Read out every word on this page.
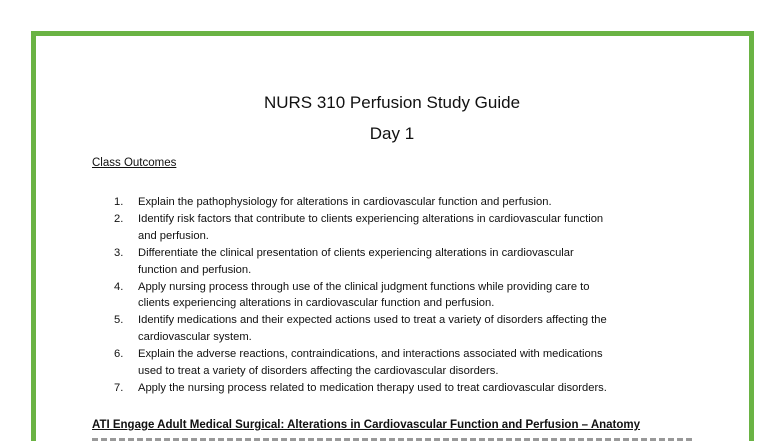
NURS 310 Perfusion Study Guide
Day 1
Class Outcomes
1. Explain the pathophysiology for alterations in cardiovascular function and perfusion.
2. Identify risk factors that contribute to clients experiencing alterations in cardiovascular function
and perfusion.
3. Differentiate the clinical presentation of clients experiencing alterations in cardiovascular
function and perfusion.
4. Apply nursing process through use of the clinical judgment functions while providing care to
clients experiencing alterations in cardiovascular function and perfusion.
5. Identify medications and their expected actions used to treat a variety of disorders affecting the
cardiovascular system.
6. Explain the adverse reactions, contraindications, and interactions associated with medications
used to treat a variety of disorders affecting the cardiovascular disorders.
7. Apply the nursing process related to medication therapy used to treat cardiovascular disorders.
ATI Engage Adult Medical Surgical: Alterations in Cardiovascular Function and Perfusion – Anatomy
